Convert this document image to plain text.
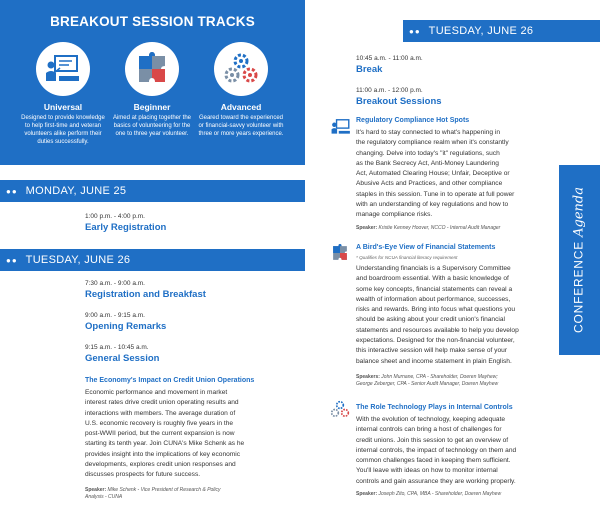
BREAKOUT SESSION TRACKS
Universal
Designed to provide knowledge to help first-time and veteran volunteers alike perform their duties successfully.
Beginner
Aimed at placing together the basics of volunteering for the one to three year volunteer.
Advanced
Geared toward the experienced or financial-savvy volunteer with three or more years experience.
●● MONDAY, JUNE 25
1:00 p.m. - 4:00 p.m.
Early Registration
●● TUESDAY, JUNE 26
7:30 a.m. - 9:00 a.m.
Registration and Breakfast
9:00 a.m. - 9:15 a.m.
Opening Remarks
9:15 a.m. - 10:45 a.m.
General Session
The Economy's Impact on Credit Union Operations
Economic performance and movement in market
interest rates drive credit union operating results and
interactions with members. The average duration of
U.S. economic recovery is roughly five years in the
post-WWII period, but the current expansion is now
starting its tenth year. Join CUNA's Mike Schenk as he
provides insight into the implications of key economic
developments, explores credit union responses and
discusses prospects for future success.
Speaker: Mike Schenk - Vice President of Research & Policy
Analysis - CUNA
●● TUESDAY, JUNE 26
10:45 a.m. - 11:00 a.m.
Break
11:00 a.m. - 12:00 p.m.
Breakout Sessions
Regulatory Compliance Hot Spots
It's hard to stay connected to what's happening in
the regulatory compliance realm when it's constantly
changing. Delve into today's "it" regulations, such
as the Bank Secrecy Act, Anti-Money Laundering
Act, Automated Clearing House; Unfair, Deceptive or
Abusive Acts and Practices, and other compliance
staples in this session. Tune in to operate at full power
with an understanding of key regulations and how to
manage compliance risks.
Speaker: Kristie Kenney Hoover, NCCO - Internal Audit Manager
A Bird's-Eye View of Financial Statements
* Qualifies for NCUA financial literacy requirement
Understanding financials is a Supervisory Committee
and boardroom essential. With a basic knowledge of
some key concepts, financial statements can reveal a
wealth of information about performance, successes,
risks and rewards. Bring into focus what questions you
should be asking about your credit union's financial
statements and resources available to help you develop
expectations. Designed for the non-financial volunteer,
this interactive session will help make sense of your
balance sheet and income statement in plain English.
Speakers: John Murnane, CPA - Shareholder, Doeren Mayhew;
George Zeberger, CPA - Senior Audit Manager, Doeren Mayhew
The Role Technology Plays in Internal Controls
With the evolution of technology, keeping adequate
internal controls can bring a host of challenges for
credit unions. Join this session to get an overview of
internal controls, the impact of technology on them and
common challenges faced in keeping them sufficient.
You'll leave with ideas on how to monitor internal
controls and gain assurance they are working properly.
Speaker: Joseph Zito, CPA, MBA - Shareholder, Doeren Mayhew
CONFERENCE Agenda
